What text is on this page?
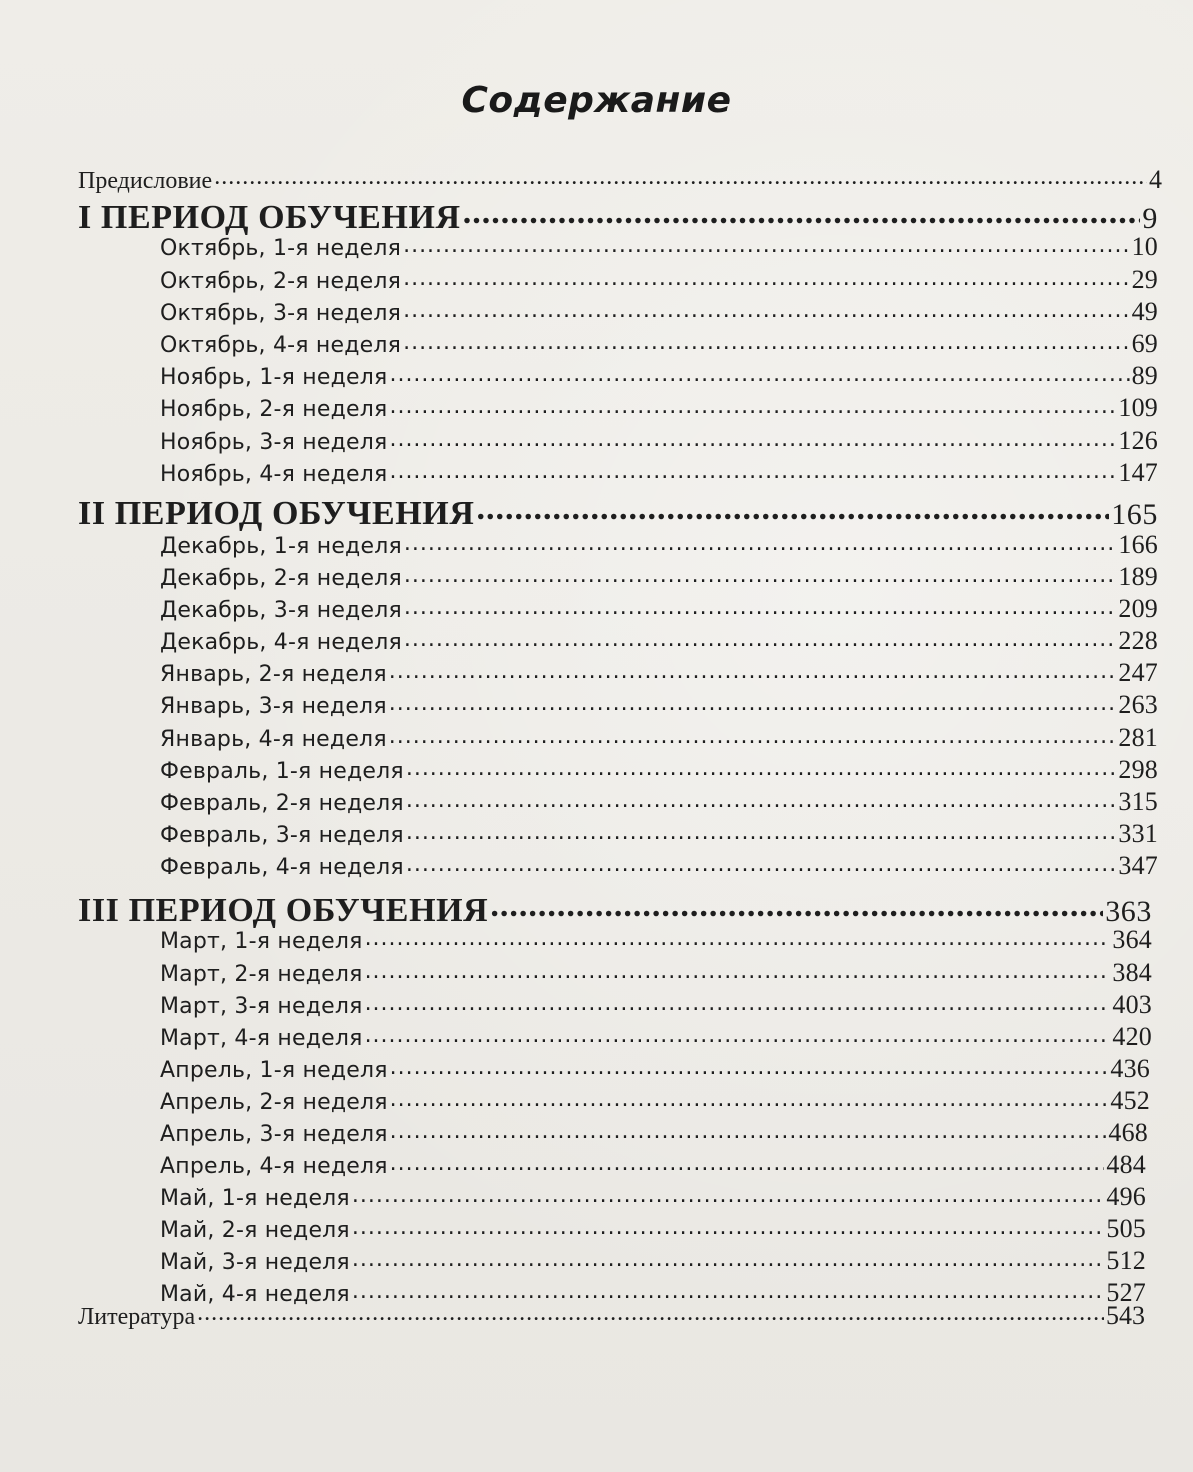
Содержание
Предисловие .....	4
I ПЕРИОД ОБУЧЕНИЯ .....	9
Октябрь, 1-я неделя .....	10
Октябрь, 2-я неделя .....	29
Октябрь, 3-я неделя .....	49
Октябрь, 4-я неделя .....	69
Ноябрь, 1-я неделя .....	89
Ноябрь, 2-я неделя .....	109
Ноябрь, 3-я неделя .....	126
Ноябрь, 4-я неделя .....	147
II ПЕРИОД ОБУЧЕНИЯ .....	165
Декабрь, 1-я неделя .....	166
Декабрь, 2-я неделя .....	189
Декабрь, 3-я неделя .....	209
Декабрь, 4-я неделя .....	228
Январь, 2-я неделя .....	247
Январь, 3-я неделя .....	263
Январь, 4-я неделя .....	281
Февраль, 1-я неделя .....	298
Февраль, 2-я неделя .....	315
Февраль, 3-я неделя .....	331
Февраль, 4-я неделя .....	347
III ПЕРИОД ОБУЧЕНИЯ .....	363
Март, 1-я неделя .....	364
Март, 2-я неделя .....	384
Март, 3-я неделя .....	403
Март, 4-я неделя .....	420
Апрель, 1-я неделя .....	436
Апрель, 2-я неделя .....	452
Апрель, 3-я неделя .....	468
Апрель, 4-я неделя .....	484
Май, 1-я неделя .....	496
Май, 2-я неделя .....	505
Май, 3-я неделя .....	512
Май, 4-я неделя .....	527
Литература .....	543
